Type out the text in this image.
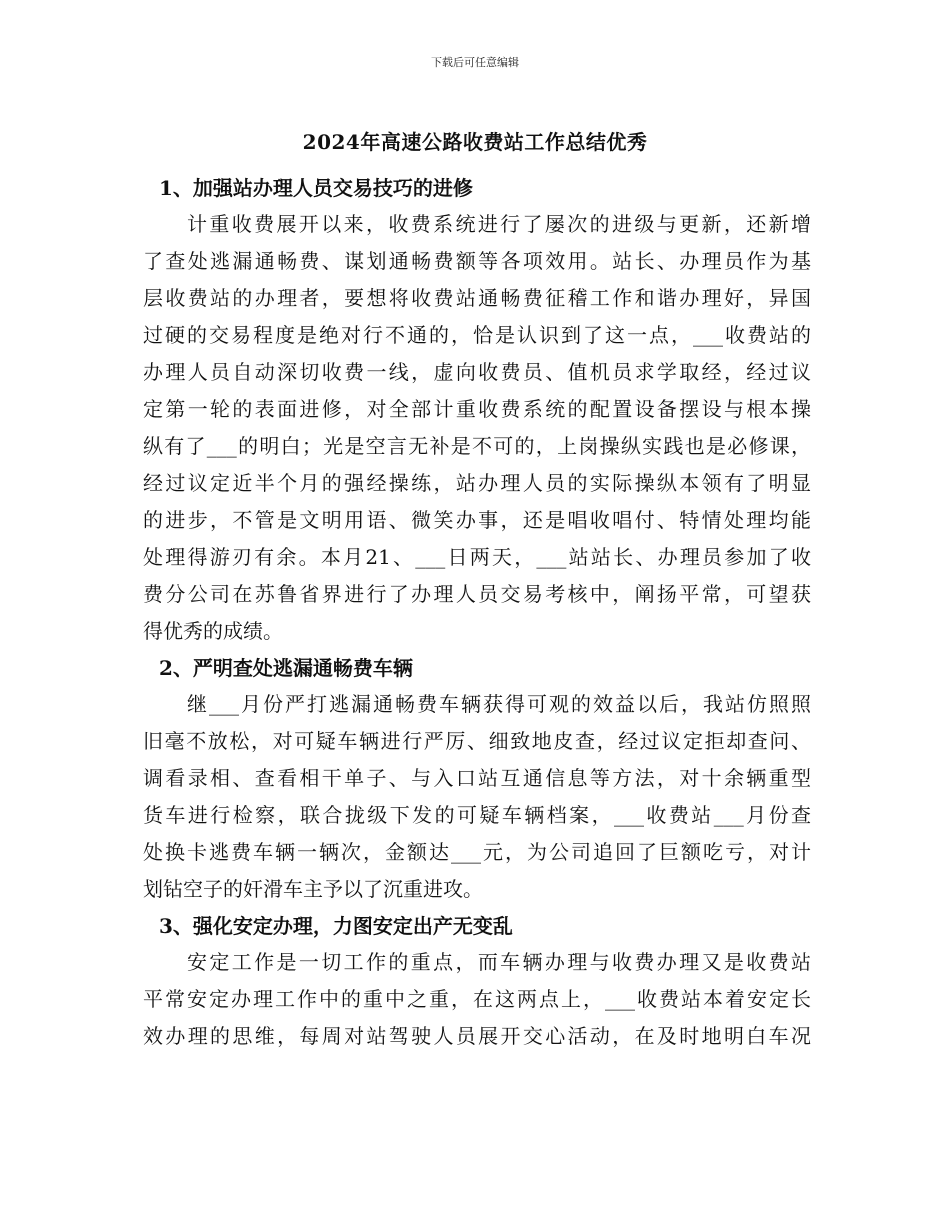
下载后可任意编辑
2024年高速公路收费站工作总结优秀
1、加强站办理人员交易技巧的进修
计重收费展开以来，收费系统进行了屡次的进级与更新，还新增
了查处逃漏通畅费、谋划通畅费额等各项效用。站长、办理员作为基
层收费站的办理者，要想将收费站通畅费征稽工作和谐办理好，异国
过硬的交易程度是绝对行不通的，恰是认识到了这一点，___收费站的
办理人员自动深切收费一线，虚向收费员、值机员求学取经，经过议
定第一轮的表面进修，对全部计重收费系统的配置设备摆设与根本操
纵有了___的明白；光是空言无补是不可的，上岗操纵实践也是必修课，
经过议定近半个月的强经操练，站办理人员的实际操纵本领有了明显
的进步，不管是文明用语、微笑办事，还是唱收唱付、特情处理均能
处理得游刃有余。本月21、___日两天，___站站长、办理员参加了收
费分公司在苏鲁省界进行了办理人员交易考核中，阐扬平常，可望获
得优秀的成绩。
2、严明查处逃漏通畅费车辆
继___月份严打逃漏通畅费车辆获得可观的效益以后，我站仿照照
旧毫不放松，对可疑车辆进行严厉、细致地皮查，经过议定拒却查问、
调看录相、查看相干单子、与入口站互通信息等方法，对十余辆重型
货车进行检察，联合拢级下发的可疑车辆档案，___收费站___月份查
处换卡逃费车辆一辆次，金额达___元，为公司追回了巨额吃亏，对计
划钻空子的奸滑车主予以了沉重进攻。
3、强化安定办理，力图安定出产无变乱
安定工作是一切工作的重点，而车辆办理与收费办理又是收费站
平常安定办理工作中的重中之重，在这两点上，___收费站本着安定长
效办理的思维，每周对站驾驶人员展开交心活动，在及时地明白车况
